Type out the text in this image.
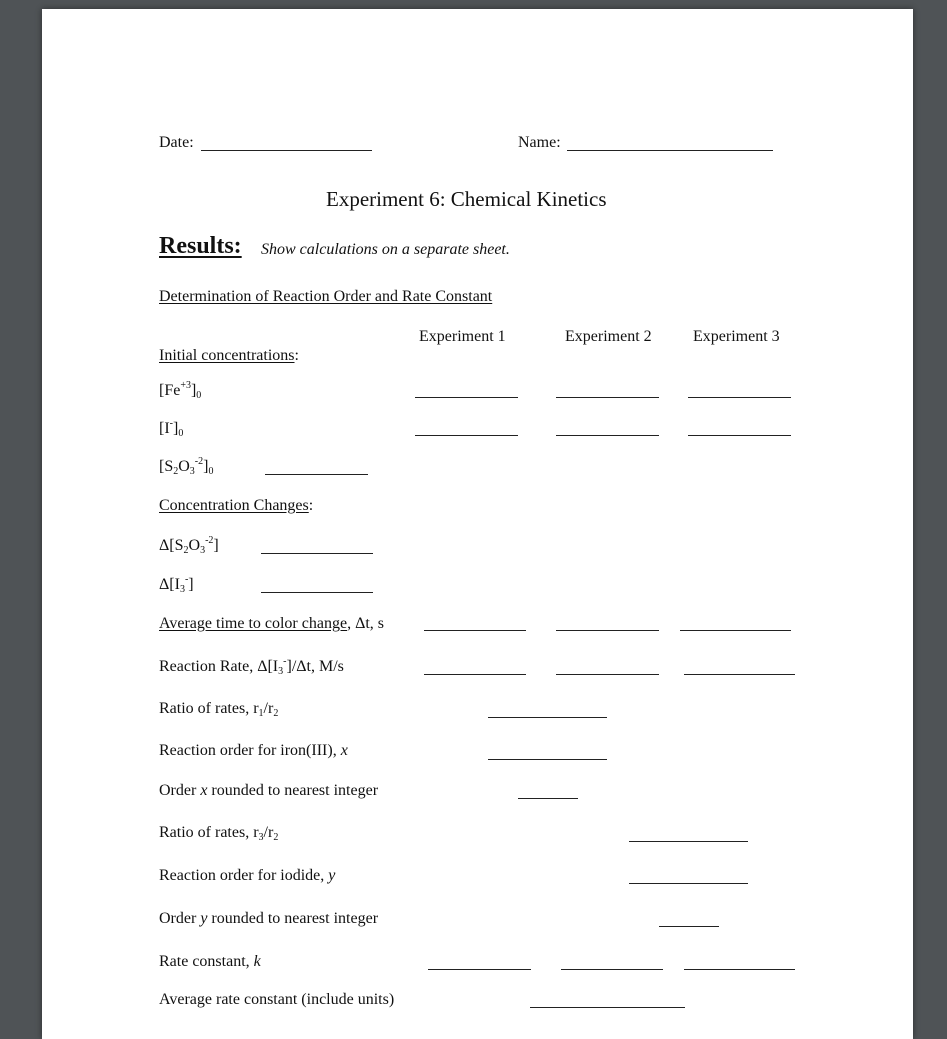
Date:	Name:
Experiment 6: Chemical Kinetics
Results: Show calculations on a separate sheet.
Determination of Reaction Order and Rate Constant
Experiment 1	Experiment 2	Experiment 3
Initial concentrations:
$[Fe^{+3}]_0$
$[I^-]_0$
$[S_2O_3^{-2}]_0$
Concentration Changes:
$\Delta[S_2O_3^{-2}]$
$\Delta[I_3^-]$
Average time to color change, Δt, s
Reaction Rate, $\Delta[I_3^-]/\Delta t$, M/s
Ratio of rates, $r_1/r_2$
Reaction order for iron(III), x
Order x rounded to nearest integer
Ratio of rates, $r_3/r_2$
Reaction order for iodide, y
Order y rounded to nearest integer
Rate constant, k
Average rate constant (include units)
